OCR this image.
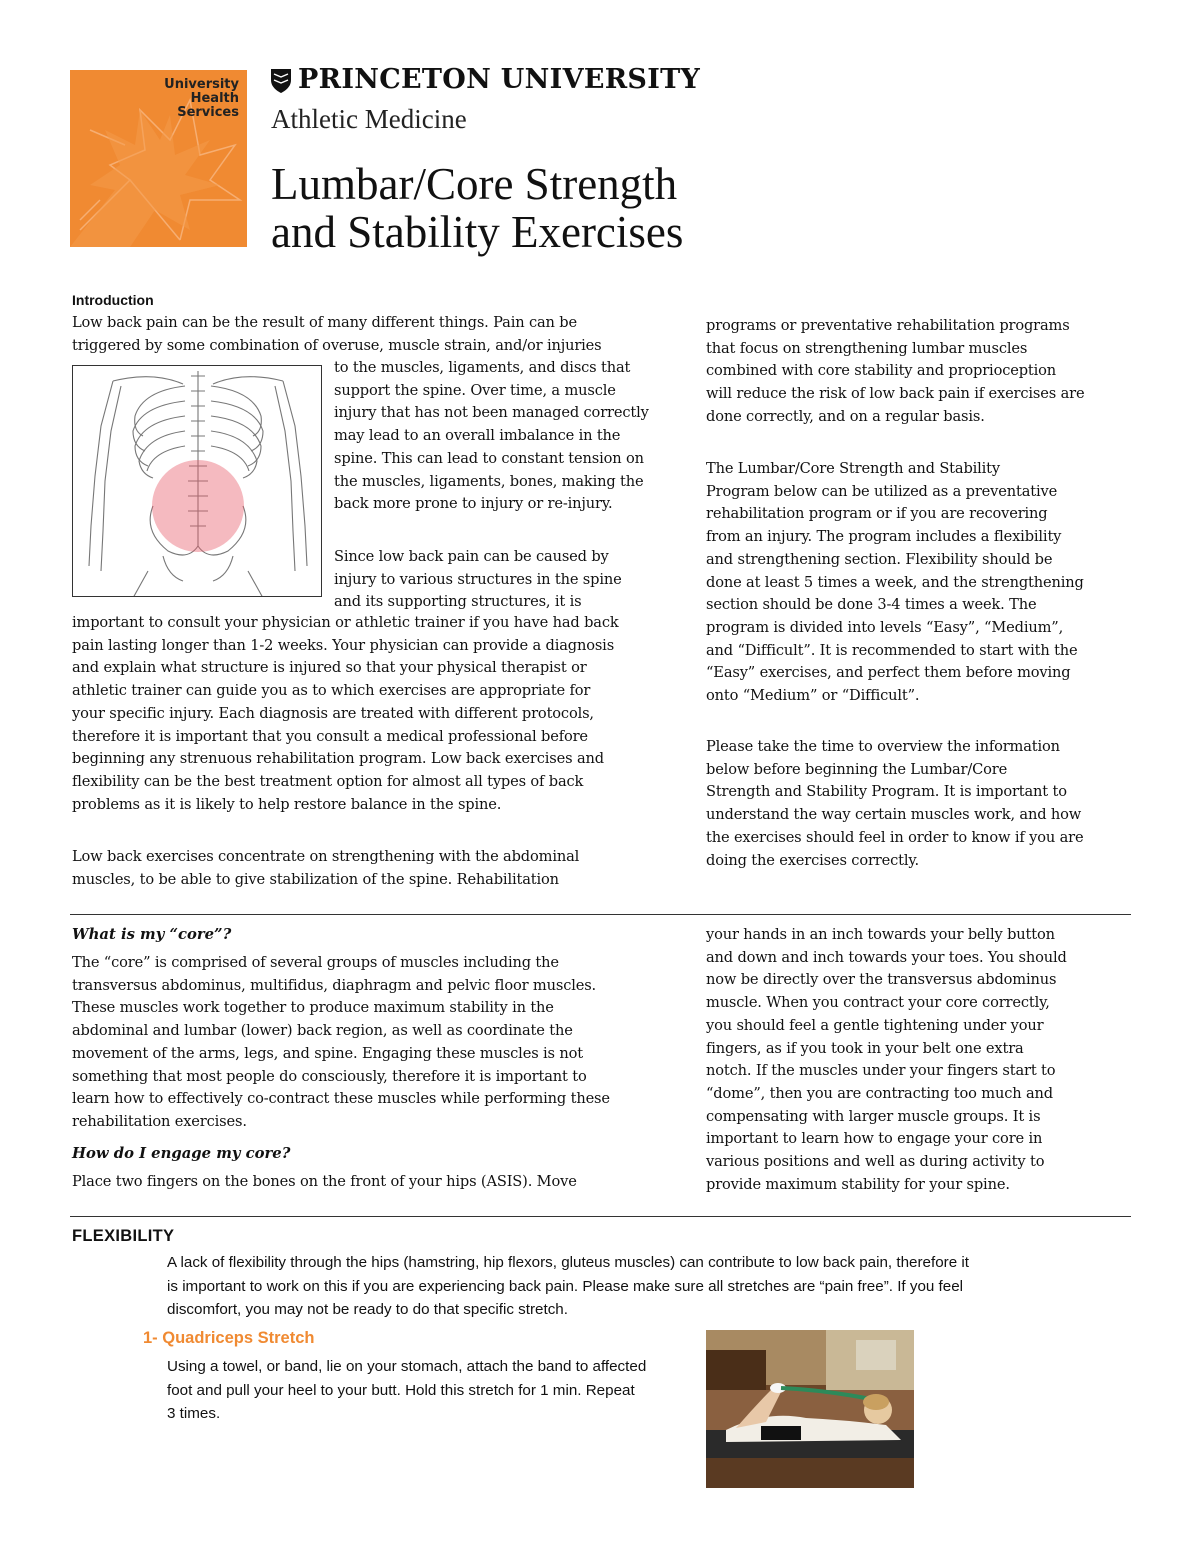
University
Health
Services
PRINCETON UNIVERSITY
Athletic Medicine
Lumbar/Core Strength
and Stability Exercises
Introduction
Low back pain can be the result of many different things. Pain can be
triggered by some combination of overuse, muscle strain, and/or injuries
to the muscles, ligaments, and discs that
support the spine. Over time, a muscle
injury that has not been managed correctly
may lead to an overall imbalance in the
spine. This can lead to constant tension on
the muscles, ligaments, bones, making the
back more prone to injury or re-injury.
Since low back pain can be caused by
injury to various structures in the spine
and its supporting structures, it is
important to consult your physician or athletic trainer if you have had back
pain lasting longer than 1-2 weeks. Your physician can provide a diagnosis
and explain what structure is injured so that your physical therapist or
athletic trainer can guide you as to which exercises are appropriate for
your specific injury. Each diagnosis are treated with different protocols,
therefore it is important that you consult a medical professional before
beginning any strenuous rehabilitation program. Low back exercises and
flexibility can be the best treatment option for almost all types of back
problems as it is likely to help restore balance in the spine.
Low back exercises concentrate on strengthening with the abdominal
muscles, to be able to give stabilization of the spine. Rehabilitation
programs or preventative rehabilitation programs
that focus on strengthening lumbar muscles
combined with core stability and proprioception
will reduce the risk of low back pain if exercises are
done correctly, and on a regular basis.
The Lumbar/Core Strength and Stability
Program below can be utilized as a preventative
rehabilitation program or if you are recovering
from an injury. The program includes a flexibility
and strengthening section. Flexibility should be
done at least 5 times a week, and the strengthening
section should be done 3-4 times a week. The
program is divided into levels “Easy”, “Medium”,
and “Difficult”. It is recommended to start with the
“Easy” exercises, and perfect them before moving
onto “Medium” or “Difficult”.
Please take the time to overview the information
below before beginning the Lumbar/Core
Strength and Stability Program. It is important to
understand the way certain muscles work, and how
the exercises should feel in order to know if you are
doing the exercises correctly.
What is my “core”?
The “core” is comprised of several groups of muscles including the
transversus abdominus, multifidus, diaphragm and pelvic floor muscles.
These muscles work together to produce maximum stability in the
abdominal and lumbar (lower) back region, as well as coordinate the
movement of the arms, legs, and spine. Engaging these muscles is not
something that most people do consciously, therefore it is important to
learn how to effectively co-contract these muscles while performing these
rehabilitation exercises.
How do I engage my core?
Place two fingers on the bones on the front of your hips (ASIS). Move
your hands in an inch towards your belly button
and down and inch towards your toes. You should
now be directly over the transversus abdominus
muscle. When you contract your core correctly,
you should feel a gentle tightening under your
fingers, as if you took in your belt one extra
notch. If the muscles under your fingers start to
“dome”, then you are contracting too much and
compensating with larger muscle groups. It is
important to learn how to engage your core in
various positions and well as during activity to
provide maximum stability for your spine.
FLEXIBILITY
A lack of flexibility through the hips (hamstring, hip flexors, gluteus muscles) can contribute to low back pain, therefore it
is important to work on this if you are experiencing back pain. Please make sure all stretches are “pain free”. If you feel
discomfort, you may not be ready to do that specific stretch.
1- Quadriceps Stretch
Using a towel, or band, lie on your stomach, attach the band to affected
foot and pull your heel to your butt. Hold this stretch for 1 min. Repeat
3 times.
